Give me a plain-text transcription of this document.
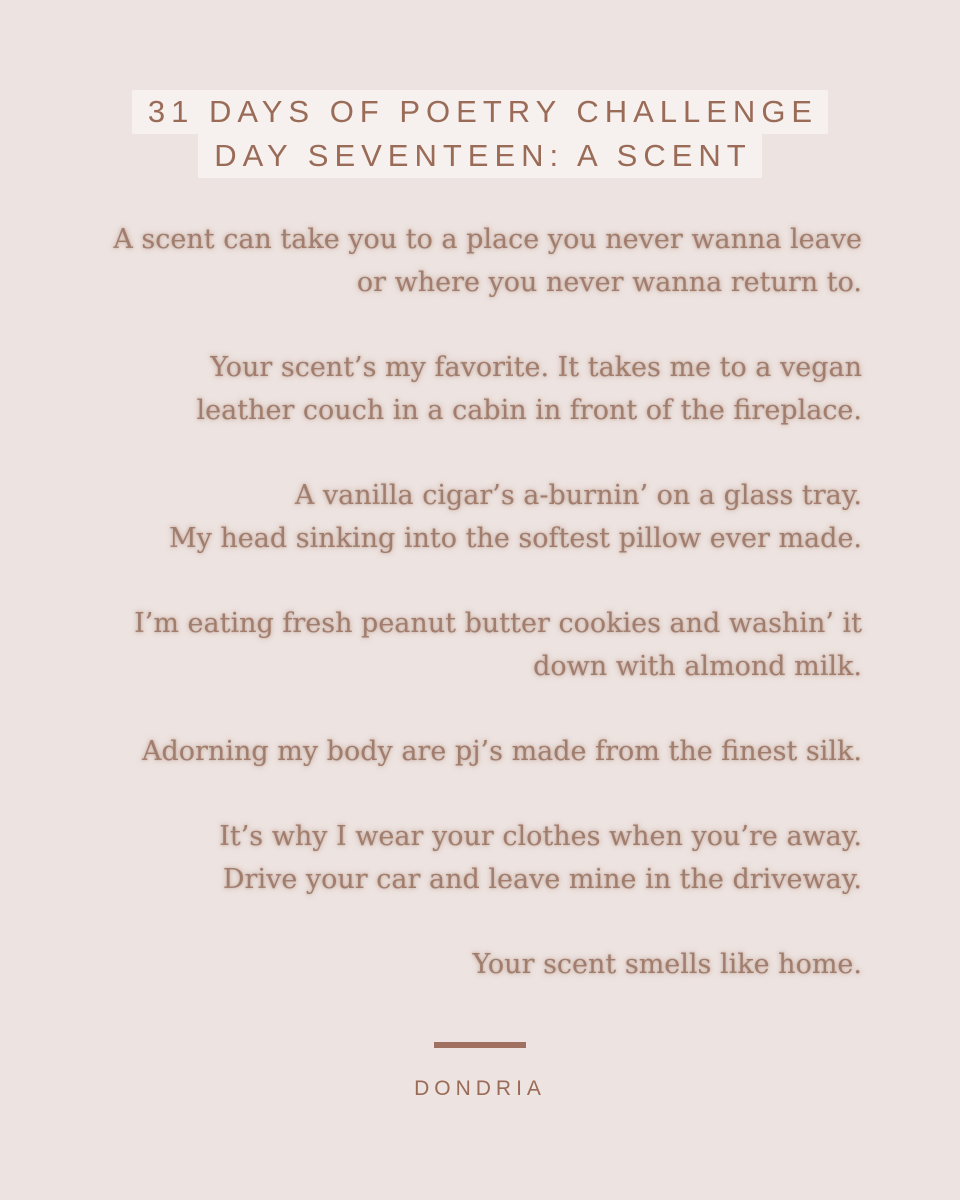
31 DAYS OF POETRY CHALLENGE
DAY SEVENTEEN: A SCENT
A scent can take you to a place you never wanna leave
or where you never wanna return to.
Your scent’s my favorite. It takes me to a vegan
leather couch in a cabin in front of the fireplace.
A vanilla cigar’s a-burnin’ on a glass tray.
My head sinking into the softest pillow ever made.
I’m eating fresh peanut butter cookies and washin’ it
down with almond milk.
Adorning my body are pj’s made from the finest silk.
It’s why I wear your clothes when you’re away.
Drive your car and leave mine in the driveway.
Your scent smells like home.
DONDRIA
